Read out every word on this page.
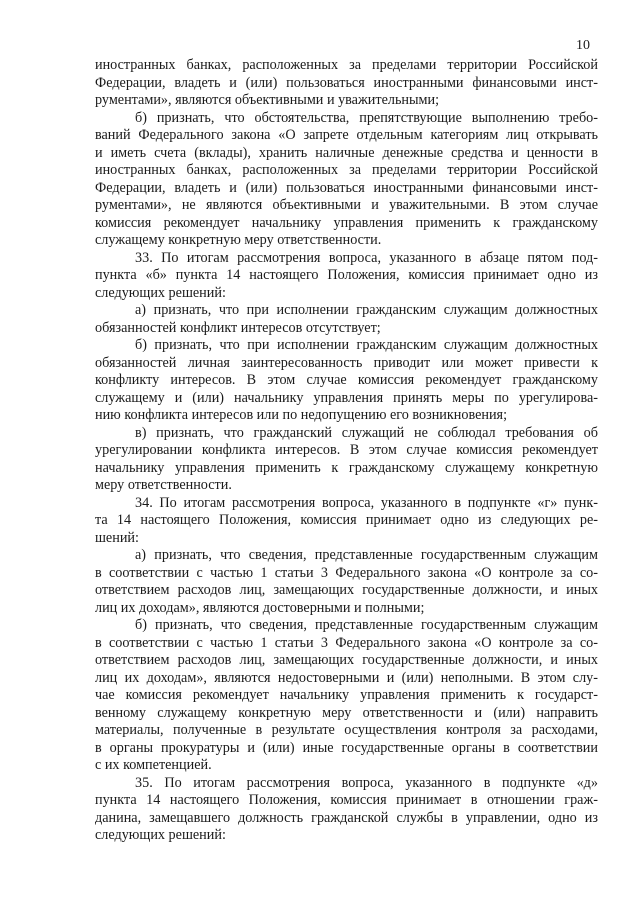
10
иностранных банках, расположенных за пределами территории Российской
Федерации, владеть и (или) пользоваться иностранными финансовыми инст-
рументами», являются объективными и уважительными;
б) признать, что обстоятельства, препятствующие выполнению требо-
ваний Федерального закона «О запрете отдельным категориям лиц открывать
и иметь счета (вклады), хранить наличные денежные средства и ценности в
иностранных банках, расположенных за пределами территории Российской
Федерации, владеть и (или) пользоваться иностранными финансовыми инст-
рументами», не являются объективными и уважительными. В этом случае
комиссия рекомендует начальнику управления применить к гражданскому
служащему конкретную меру ответственности.
33. По итогам рассмотрения вопроса, указанного в абзаце пятом под-
пункта «б» пункта 14 настоящего Положения, комиссия принимает одно из
следующих решений:
а) признать, что при исполнении гражданским служащим должностных
обязанностей конфликт интересов отсутствует;
б) признать, что при исполнении гражданским служащим должностных
обязанностей личная заинтересованность приводит или может привести к
конфликту интересов. В этом случае комиссия рекомендует гражданскому
служащему и (или) начальнику управления принять меры по урегулирова-
нию конфликта интересов или по недопущению его возникновения;
в) признать, что гражданский служащий не соблюдал требования об
урегулировании конфликта интересов. В этом случае комиссия рекомендует
начальнику управления применить к гражданскому служащему конкретную
меру ответственности.
34. По итогам рассмотрения вопроса, указанного в подпункте «г» пунк-
та 14 настоящего Положения, комиссия принимает одно из следующих ре-
шений:
а) признать, что сведения, представленные государственным служащим
в соответствии с частью 1 статьи 3 Федерального закона «О контроле за со-
ответствием расходов лиц, замещающих государственные должности, и иных
лиц их доходам», являются достоверными и полными;
б) признать, что сведения, представленные государственным служащим
в соответствии с частью 1 статьи 3 Федерального закона «О контроле за со-
ответствием расходов лиц, замещающих государственные должности, и иных
лиц их доходам», являются недостоверными и (или) неполными. В этом слу-
чае комиссия рекомендует начальнику управления применить к государст-
венному служащему конкретную меру ответственности и (или) направить
материалы, полученные в результате осуществления контроля за расходами,
в органы прокуратуры и (или) иные государственные органы в соответствии
с их компетенцией.
35. По итогам рассмотрения вопроса, указанного в подпункте «д»
пункта 14 настоящего Положения, комиссия принимает в отношении граж-
данина, замещавшего должность гражданской службы в управлении, одно из
следующих решений:
